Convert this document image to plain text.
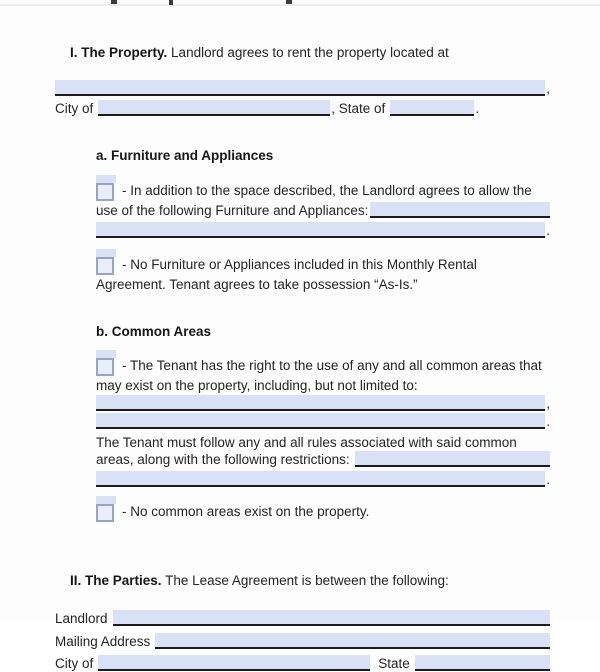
I. The Property. Landlord agrees to rent the property located at

,
City of	, State of	.
a. Furniture and Appliances
- In addition to the space described, the Landlord agrees to allow the
use of the following Furniture and Appliances:
.
- No Furniture or Appliances included in this Monthly Rental
Agreement. Tenant agrees to take possession “As-Is.”
b. Common Areas
- The Tenant has the right to the use of any and all common areas that
may exist on the property, including, but not limited to:
,
.
The Tenant must follow any and all rules associated with said common
areas, along with the following restrictions:
.
- No common areas exist on the property.

II. The Parties. The Lease Agreement is between the following:

Landlord
Mailing Address
City of	State
